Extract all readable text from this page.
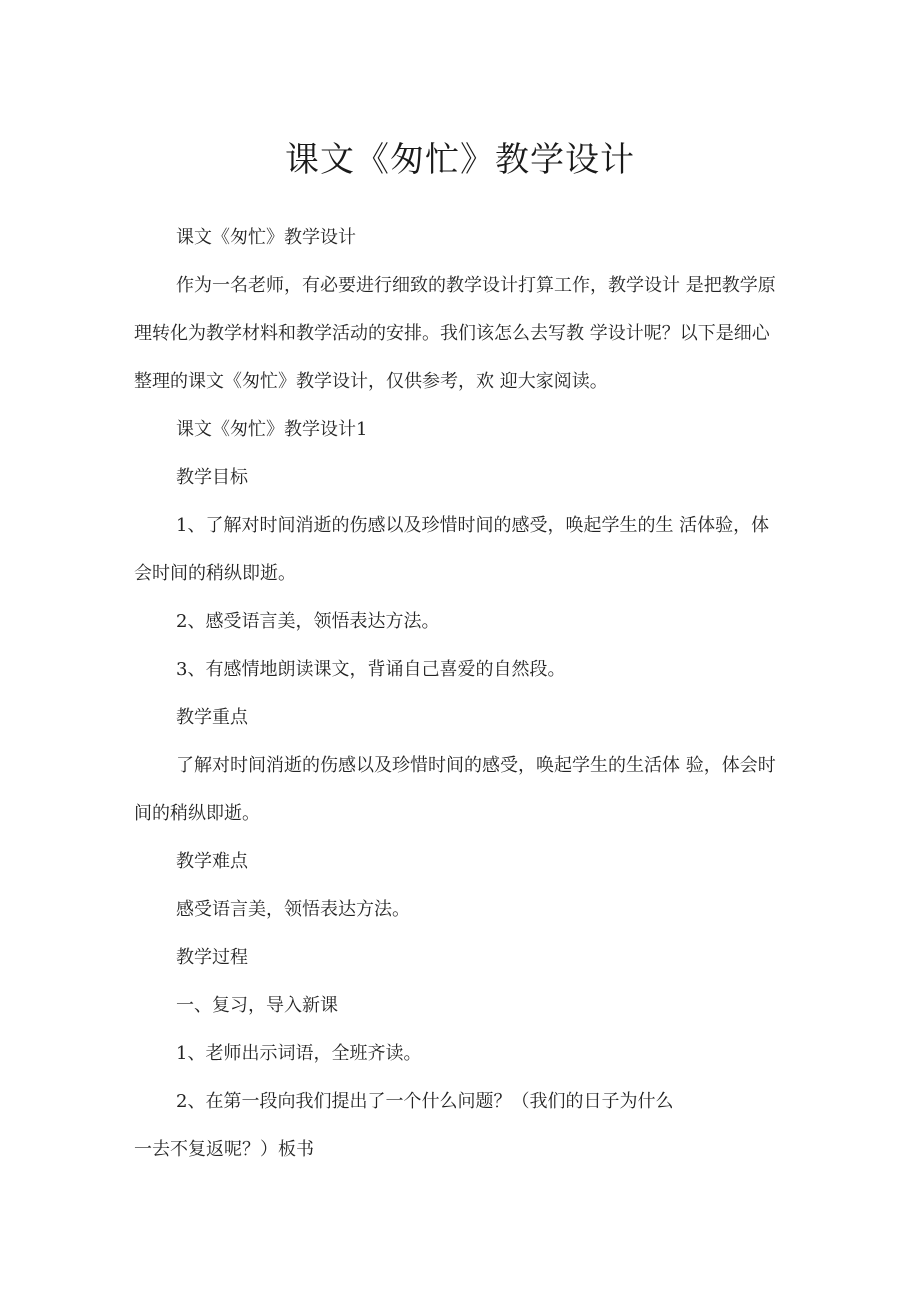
课文《匆忙》教学设计
课文《匆忙》教学设计
作为一名老师，有必要进行细致的教学设计打算工作，教学设计 是把教学原
理转化为教学材料和教学活动的安排。我们该怎么去写教 学设计呢？以下是细心
整理的课文《匆忙》教学设计，仅供参考，欢 迎大家阅读。
课文《匆忙》教学设计1
教学目标
1、了解对时间消逝的伤感以及珍惜时间的感受，唤起学生的生 活体验，体
会时间的稍纵即逝。
2、感受语言美，领悟表达方法。
3、有感情地朗读课文，背诵自己喜爱的自然段。
教学重点
了解对时间消逝的伤感以及珍惜时间的感受，唤起学生的生活体 验，体会时
间的稍纵即逝。
教学难点
感受语言美，领悟表达方法。
教学过程
一、复习，导入新课
1、老师出示词语，全班齐读。
2、在第一段向我们提出了一个什么问题？（我们的日子为什么
一去不复返呢？）板书
